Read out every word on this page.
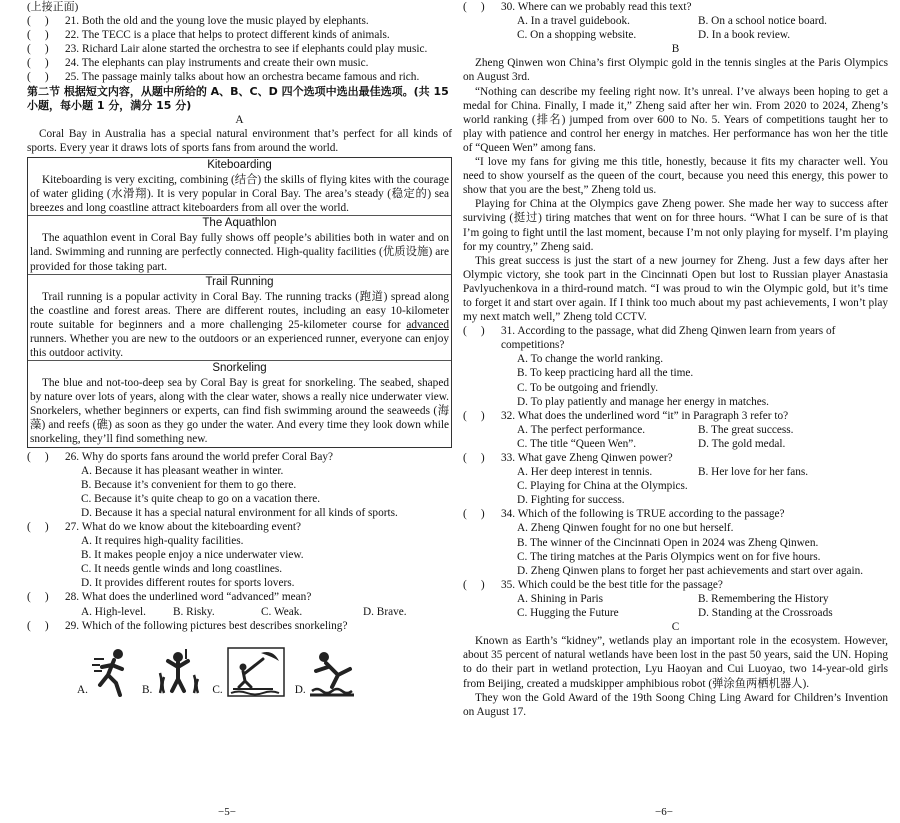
(上接正面)
(     )	21. Both the old and the young love the music played by elephants.
(     )	22. The TECC is a place that helps to protect different kinds of animals.
(     )	23. Richard Lair alone started the orchestra to see if elephants could play music.
(     )	24. The elephants can play instruments and create their own music.
(     )	25. The passage mainly talks about how an orchestra became famous and rich.
第二节 根据短文内容，从题中所给的 A、B、C、D 四个选项中选出最佳选项。(共 15 小题，每小题 1 分，满分 15 分)
A
Coral Bay in Australia has a special natural environment that’s perfect for all kinds of sports. Every year it draws lots of sports fans from around the world.
Kiteboarding
Kiteboarding is very exciting, combining (结合) the skills of flying kites with the courage of water gliding (水滑翔). It is very popular in Coral Bay. The area’s steady (稳定的) sea breezes and long coastline attract kiteboarders from all over the world.
The Aquathlon
The aquathlon event in Coral Bay fully shows off people’s abilities both in water and on land. Swimming and running are perfectly connected. High-quality facilities (优质设施) are provided for those taking part.
Trail Running
Trail running is a popular activity in Coral Bay. The running tracks (跑道) spread along the coastline and forest areas. There are different routes, including an easy 10-kilometer route suitable for beginners and a more challenging 25-kilometer course for advanced runners. Whether you are new to the outdoors or an experienced runner, everyone can enjoy this outdoor activity.
Snorkeling
The blue and not-too-deep sea by Coral Bay is great for snorkeling. The seabed, shaped by nature over lots of years, along with the clear water, shows a really nice underwater view. Snorkelers, whether beginners or experts, can find fish swimming around the seaweeds (海藻) and reefs (礁) as soon as they go under the water. And every time they look down while snorkeling, they’ll find something new.
(     )	26. Why do sports fans around the world prefer Coral Bay?
A. Because it has pleasant weather in winter.
B. Because it’s convenient for them to go there.
C. Because it’s quite cheap to go on a vacation there.
D. Because it has a special natural environment for all kinds of sports.
(     )	27. What do we know about the kiteboarding event?
A. It requires high-quality facilities.
B. It makes people enjoy a nice underwater view.
C. It needs gentle winds and long coastlines.
D. It provides different routes for sports lovers.
(     )	28. What does the underlined word “advanced” mean?
A. High-level.	B. Risky.	C. Weak.	D. Brave.
(     )	29. Which of the following pictures best describes snorkeling?
A.	B.	C.	D.
−5−
(     )	30. Where can we probably read this text?
A. In a travel guidebook.	B. On a school notice board.
C. On a shopping website.	D. In a book review.
B
Zheng Qinwen won China’s first Olympic gold in the tennis singles at the Paris Olympics on August 3rd.
“Nothing can describe my feeling right now. It’s unreal. I’ve always been hoping to get a medal for China. Finally, I made it,” Zheng said after her win. From 2020 to 2024, Zheng’s world ranking (排名) jumped from over 600 to No. 5. Years of competitions taught her to play with patience and control her energy in matches. Her performance has won her the title of “Queen Wen” among fans.
“I love my fans for giving me this title, honestly, because it fits my character well. You need to show yourself as the queen of the court, because you need this energy, this power to show that you are the best,” Zheng told us.
Playing for China at the Olympics gave Zheng power. She made her way to success after surviving (挺过) tiring matches that went on for three hours. “What I can be sure of is that I’m going to fight until the last moment, because I’m not only playing for myself. I’m playing for my country,” Zheng said.
This great success is just the start of a new journey for Zheng. Just a few days after her Olympic victory, she took part in the Cincinnati Open but lost to Russian player Anastasia Pavlyuchenkova in a third-round match. “I was proud to win the Olympic gold, but it’s time to forget it and start over again. If I think too much about my past achievements, I won’t play my next match well,” Zheng told CCTV.
(     )	31. According to the passage, what did Zheng Qinwen learn from years of competitions?
A. To change the world ranking.
B. To keep practicing hard all the time.
C. To be outgoing and friendly.
D. To play patiently and manage her energy in matches.
(     )	32. What does the underlined word “it” in Paragraph 3 refer to?
A. The perfect performance.	B. The great success.
C. The title “Queen Wen”.	D. The gold medal.
(     )	33. What gave Zheng Qinwen power?
A. Her deep interest in tennis.	B. Her love for her fans.
C. Playing for China at the Olympics.
D. Fighting for success.
(     )	34. Which of the following is TRUE according to the passage?
A. Zheng Qinwen fought for no one but herself.
B. The winner of the Cincinnati Open in 2024 was Zheng Qinwen.
C. The tiring matches at the Paris Olympics went on for five hours.
D. Zheng Qinwen plans to forget her past achievements and start over again.
(     )	35. Which could be the best title for the passage?
A. Shining in Paris	B. Remembering the History
C. Hugging the Future	D. Standing at the Crossroads
C
Known as Earth’s “kidney”, wetlands play an important role in the ecosystem. However, about 35 percent of natural wetlands have been lost in the past 50 years, said the UN. Hoping to do their part in wetland protection, Lyu Haoyan and Cui Luoyao, two 14-year-old girls from Beijing, created a mudskipper amphibious robot (弹涂鱼两栖机器人).
They won the Gold Award of the 19th Soong Ching Ling Award for Children’s Invention on August 17.
−6−
